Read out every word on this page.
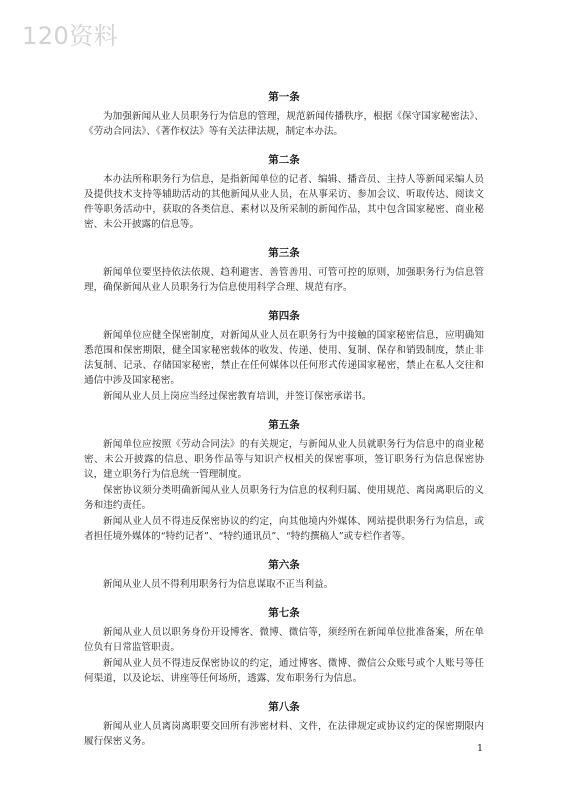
120资料
第一条

为加强新闻从业人员职务行为信息的管理，规范新闻传播秩序，根据《保守国家秘密法》、《劳动合同法》、《著作权法》等有关法律法规，制定本办法。

第二条

本办法所称职务行为信息，是指新闻单位的记者、编辑、播音员、主持人等新闻采编人员及提供技术支持等辅助活动的其他新闻从业人员，在从事采访、参加会议、听取传达、阅读文件等职务活动中，获取的各类信息、素材以及所采制的新闻作品，其中包含国家秘密、商业秘密、未公开披露的信息等。

第三条

新闻单位要坚持依法依规、趋利避害、善管善用、可管可控的原则，加强职务行为信息管理，确保新闻从业人员职务行为信息使用科学合理、规范有序。

第四条

新闻单位应健全保密制度，对新闻从业人员在职务行为中接触的国家秘密信息，应明确知悉范围和保密期限，健全国家秘密载体的收发、传递、使用、复制、保存和销毁制度，禁止非法复制、记录、存储国家秘密，禁止在任何媒体以任何形式传递国家秘密，禁止在私人交往和通信中涉及国家秘密。

新闻从业人员上岗应当经过保密教育培训，并签订保密承诺书。

第五条

新闻单位应按照《劳动合同法》的有关规定，与新闻从业人员就职务行为信息中的商业秘密、未公开披露的信息、职务作品等与知识产权相关的保密事项，签订职务行为信息保密协议，建立职务行为信息统一管理制度。

保密协议须分类明确新闻从业人员职务行为信息的权利归属、使用规范、离岗离职后的义务和违约责任。

新闻从业人员不得违反保密协议的约定，向其他境内外媒体、网站提供职务行为信息，或者担任境外媒体的“特约记者”、“特约通讯员”、“特约撰稿人”或专栏作者等。

第六条

新闻从业人员不得利用职务行为信息谋取不正当利益。

第七条

新闻从业人员以职务身份开设博客、微博、微信等，须经所在新闻单位批准备案，所在单位负有日常监管职责。

新闻从业人员不得违反保密协议的约定，通过博客、微博、微信公众账号或个人账号等任何渠道，以及论坛、讲座等任何场所，透露、发布职务行为信息。

第八条

新闻从业人员离岗离职要交回所有涉密材料、文件，在法律规定或协议约定的保密期限内履行保密义务。

1
